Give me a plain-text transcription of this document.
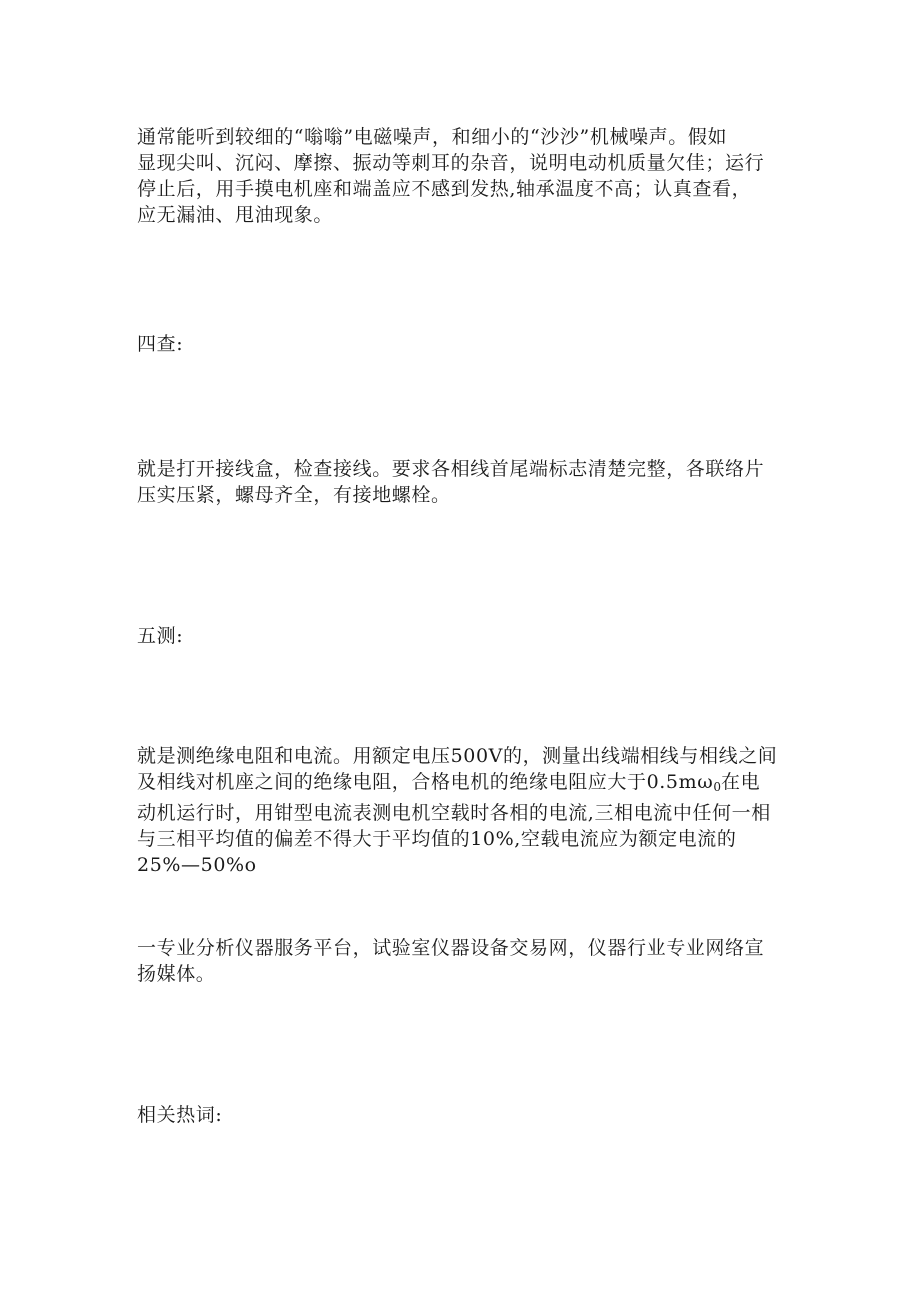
通常能听到较细的“嗡嗡”电磁噪声，和细小的“沙沙”机械噪声。假如
显现尖叫、沉闷、摩擦、振动等刺耳的杂音，说明电动机质量欠佳；运行
停止后，用手摸电机座和端盖应不感到发热,轴承温度不高；认真查看，
应无漏油、甩油现象。
四查:
就是打开接线盒，检查接线。要求各相线首尾端标志清楚完整，各联络片
压实压紧，螺母齐全，有接地螺栓。
五测:
就是测绝缘电阻和电流。用额定电压500V的，测量出线端相线与相线之间
及相线对机座之间的绝缘电阻，合格电机的绝缘电阻应大于$0.5m\omega_0$在电
动机运行时，用钳型电流表测电机空载时各相的电流,三相电流中任何一相
与三相平均值的偏差不得大于平均值的10%,空载电流应为额定电流的
25%—50%o
一专业分析仪器服务平台，试验室仪器设备交易网，仪器行业专业网络宣
扬媒体。
相关热词:
